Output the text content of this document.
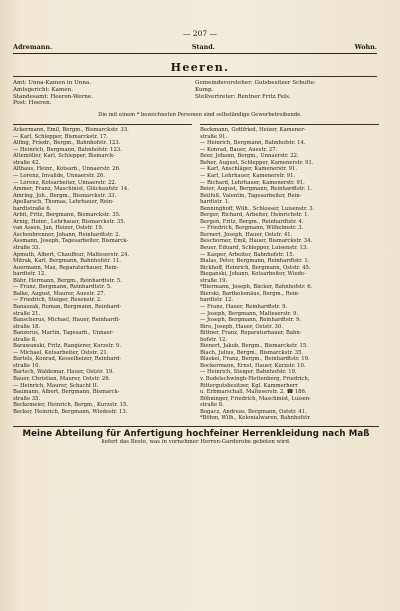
— 207 —
Adremann.	Stand.	Wohn.
Heeren.
Amt: Unna-Kamen in Unna.
Amtsgericht: Kamen.
Standesamt: Heeren-Werne.
Post: Heeren.
Gemeindevorsteher: Gutsbesitzer Schulte-
Kump.
Stellvertreter: Rentner Fritz Fels.
Die mit einem * bezeichneten Personen sind selbständige Gewerbetreibende.
Ackermann, Emil, Bergm., Bismarckstr. 33.
— Karl, Schlepper, Bismarckstr. 17.
Alfing, Friedr., Bergm., Bahnhofstr. 123.
— Heinrich, Bergmann, Bahnhofstr. 123.
Altemöller, Karl, Schlepper, Bismarck-
straße 42.
Althaus, Heinr., Kotsarb., Unnaerstr. 26.
— Lorenz, Invalide, Unnaerstr. 26.
— Lorenz, Kotsarbeiter, Unnaerstr. 22.
Ammer, Franz, Maschinist, Glückaufstr. 14.
Amring, Joh., Bergm., Bismarckstr. 33.
Apollarsch, Thomas, Lehrhauer, Rein-
hardtstraße 6.
Arbit, Fritz, Bergmann, Bismarckstr. 35.
Arnig, Heinr., Lehrhauer, Bismarckstr. 35.
van Assen, Jan, Heizer, Oststr. 19.
Aschenbrenner, Johann, Reinhardtstr. 2.
Assmann, Joseph, Tagesarbeiter, Bismarck-
straße 33.
Apmuth, Albert, Chauffeur, Malteserstr. 24.
Mitrak, Karl, Bergmann, Bahnhofstr. 11.
Auermann, Max, Reparaturhauer, Rein-
hardtstr. 12.
Bähr, Hermann, Bergm., Reinhardtstr. 5.
— Franz, Bergmann, Reinhardtstr. 5.
Balke, August, Maurer, Auestr. 27.
— Friedrich, Steiger, Rosenstr. 2.
Banaszak, Roman, Bergmann, Reinhard-
straße 21.
Banscherus, Michael, Hauer, Reinhardt-
straße 18.
Banzerus, Martin, Tagesarb., Unnaer-
straße 8.
Barawanski, Fritz, Rangierer, Kurzstr. 9.
— Michael, Kotsarbeiter, Oststr. 21.
Bartels, Konrad, Kesselheizer, Reinhard-
straße 10.
Bartsch, Waldemar, Hauer, Oststr. 19.
Bauer, Christian, Maurer, Oststr. 26.
— Heinrich, Maurer, Schacht II.
Baumann, Albert, Bergmann, Bismarck-
straße 35.
Beckemeier, Heinrich, Bergm., Kurzstr. 15.
Becker, Heinrich, Bergmann, Wiedestr. 13.
Beckmann, Gottfried, Heizer, Kamener-
straße 91.
— Heinrich, Bergmann, Bahnhofstr. 14.
— Konrad, Bauer, Auestr. 27.
Beer, Johann, Bergm., Unnaerstr. 22.
Beher, August, Schlepper, Kamenerstr. 91.
— Karl, Anschläger, Kamenerstr. 91.
— Karl, Lehrhauer, Kamenerstr. 91.
— Richard, Lehrhauer, Kamenerstr. 91.
Beier, August, Bergmann, Reinhardtstr. 1.
Beilfuß, Valentin, Tagesarbeiter, Rein-
hardtstr. 1.
Benninghoff, Wilh., Schlosser, Luisenstr. 3.
Berger, Richard, Arbeiter, Heinrichstr. 1.
Bergen, Fritz, Bergm., Reinhardtstr. 4.
— Friedrich, Bergmann, Wilhelmstr. 3.
Bernert, Joseph, Hauer, Oststr. 41.
Beschorner, Emil, Hauer, Bismarckstr. 34.
Beuer, Eduard, Schlepper, Luisenstr. 13.
— Kasper, Arbeiter, Bahnhofstr. 15.
Bialas, Peter, Bergmann, Reinhardtstr. 1.
Bickhoff, Heinrich, Bergmann, Oststr. 45.
Bieganski, Johann, Kotsarbeiter, Wiede-
straße 19.
*Biermann, Joseph, Bäcker, Bahnhofstr. 6.
Bierski, Bartholomäus, Bergm., Rein-
hardtstr. 12.
— Franz, Hauer, Reinhardtstr. 9.
— Joseph, Bergmann, Malteserstr. 9.
— Joseph, Bergmann, Reinhardtstr. 9.
Biro, Joseph, Hauer, Oststr. 30.
Bittner, Franz, Reparaturhauer, Bahn-
hofstr. 12.
Bienert, Jakob, Bergm., Bismarckstr. 15.
Blach, Julius, Bergm., Bismarckstr. 35.
Blaskei, Franz, Bergm., Reinhardtstr. 19.
Bockermann, Ernst, Hauer, Kurzstr. 10.
— Heinrich, Steiger, Bahnhofstr. 19.
v. Bodelschwingh-Plettenberg, Friedrich,
Rittergutsbesitzer, Kgl. Kammerherr
u. Erbmarschall, Malteserstr. 2. ☎ 186.
Böhninger, Friedrich, Maschinist, Luisen-
straße 8.
Bogacz, Andreas, Bergmann, Oststr. 41.
*Böhm, Wilh., Kolonialwaren, Bahnhofstr.
Meine Abteilung für Anfertigung hochfeiner Herrenkleidung nach Maß
liefert das Beste, was in vornehmer Herren-Garderobe geboten wird.
